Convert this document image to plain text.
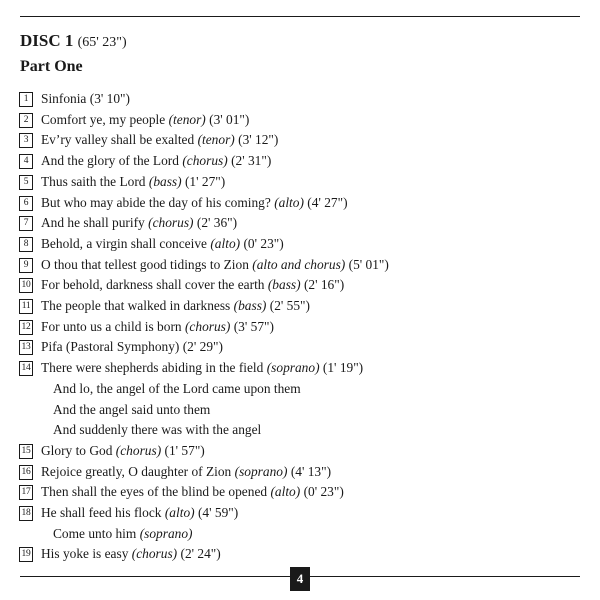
DISC 1 (65' 23")
Part One
1 Sinfonia (3' 10")
2 Comfort ye, my people (tenor) (3' 01")
3 Ev’ry valley shall be exalted (tenor) (3' 12")
4 And the glory of the Lord (chorus) (2' 31")
5 Thus saith the Lord (bass) (1' 27")
6 But who may abide the day of his coming? (alto) (4' 27")
7 And he shall purify (chorus) (2' 36")
8 Behold, a virgin shall conceive (alto) (0' 23")
9 O thou that tellest good tidings to Zion (alto and chorus) (5' 01")
10 For behold, darkness shall cover the earth (bass) (2' 16")
11 The people that walked in darkness (bass) (2' 55")
12 For unto us a child is born (chorus) (3' 57")
13 Pifa (Pastoral Symphony) (2' 29")
14 There were shepherds abiding in the field (soprano) (1' 19")
And lo, the angel of the Lord came upon them
And the angel said unto them
And suddenly there was with the angel
15 Glory to God (chorus) (1' 57")
16 Rejoice greatly, O daughter of Zion (soprano) (4' 13")
17 Then shall the eyes of the blind be opened (alto) (0' 23")
18 He shall feed his flock (alto) (4' 59")
Come unto him (soprano)
19 His yoke is easy (chorus) (2' 24")
4
